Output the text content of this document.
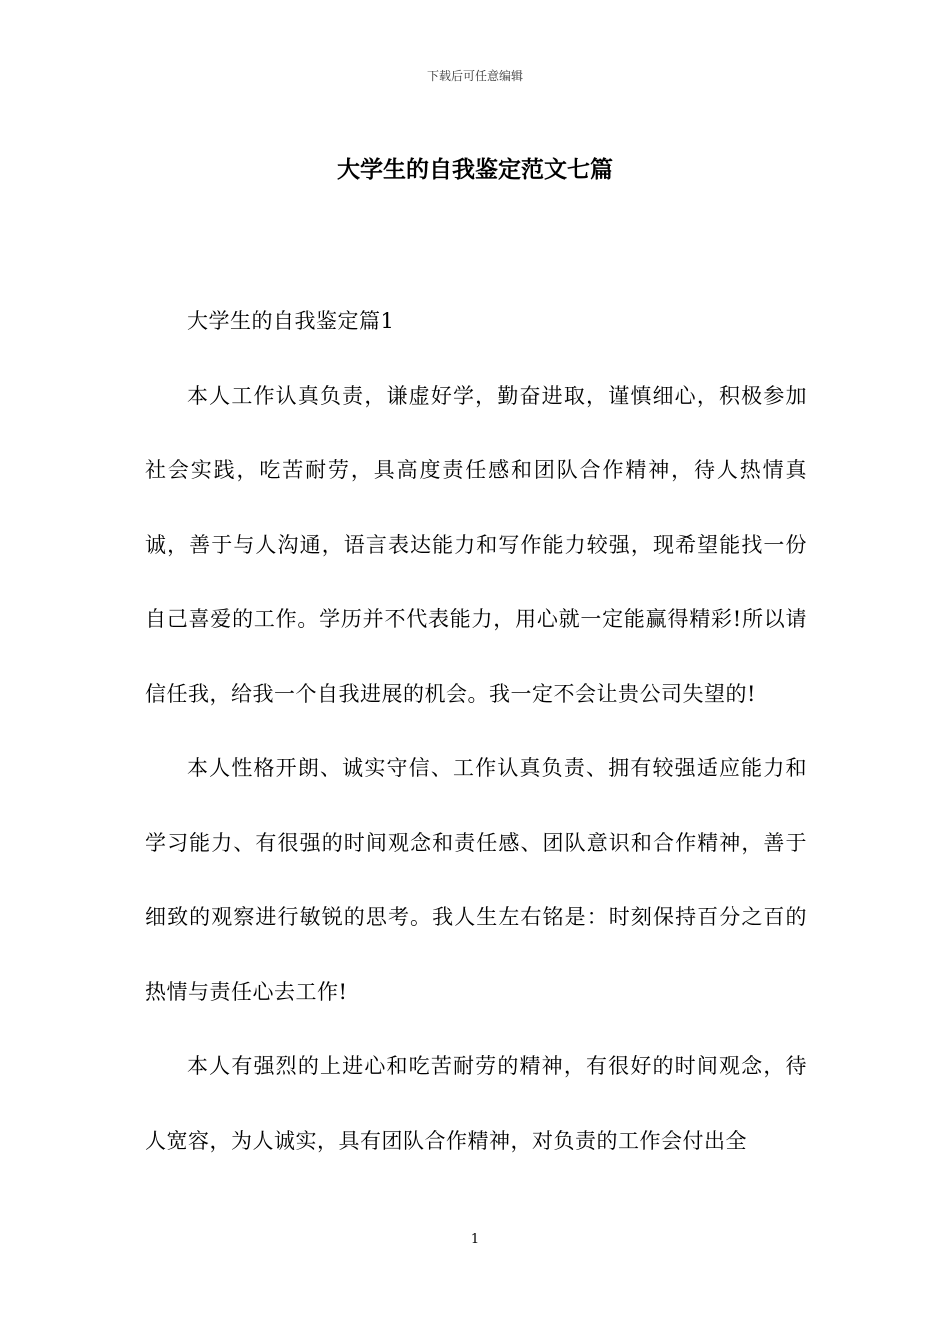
下载后可任意编辑
大学生的自我鉴定范文七篇

大学生的自我鉴定篇1

本人工作认真负责，谦虚好学，勤奋进取，谨慎细心，积极参加社会实践，吃苦耐劳，具高度责任感和团队合作精神，待人热情真诚，善于与人沟通，语言表达能力和写作能力较强，现希望能找一份自己喜爱的工作。学历并不代表能力，用心就一定能赢得精彩!所以请信任我，给我一个自我进展的机会。我一定不会让贵公司失望的!

本人性格开朗、诚实守信、工作认真负责、拥有较强适应能力和学习能力、有很强的时间观念和责任感、团队意识和合作精神，善于细致的观察进行敏锐的思考。我人生左右铭是：时刻保持百分之百的热情与责任心去工作!

本人有强烈的上进心和吃苦耐劳的精神，有很好的时间观念，待人宽容，为人诚实，具有团队合作精神，对负责的工作会付出全

1
